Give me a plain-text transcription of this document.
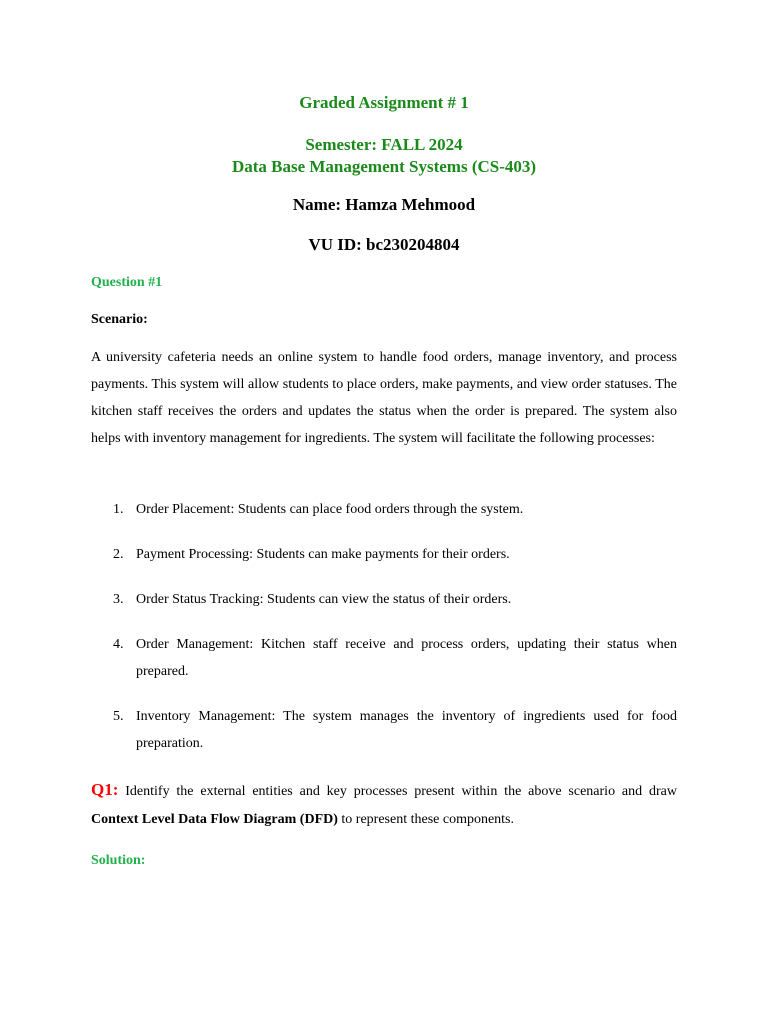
Graded Assignment # 1
Semester: FALL 2024
Data Base Management Systems (CS-403)
Name: Hamza Mehmood
VU ID: bc230204804
Question #1
Scenario:
A university cafeteria needs an online system to handle food orders, manage inventory, and process payments. This system will allow students to place orders, make payments, and view order statuses. The kitchen staff receives the orders and updates the status when the order is prepared. The system also helps with inventory management for ingredients. The system will facilitate the following processes:
1. Order Placement: Students can place food orders through the system.
2. Payment Processing: Students can make payments for their orders.
3. Order Status Tracking: Students can view the status of their orders.
4. Order Management: Kitchen staff receive and process orders, updating their status when prepared.
5. Inventory Management: The system manages the inventory of ingredients used for food preparation.
Q1: Identify the external entities and key processes present within the above scenario and draw Context Level Data Flow Diagram (DFD) to represent these components.
Solution:
